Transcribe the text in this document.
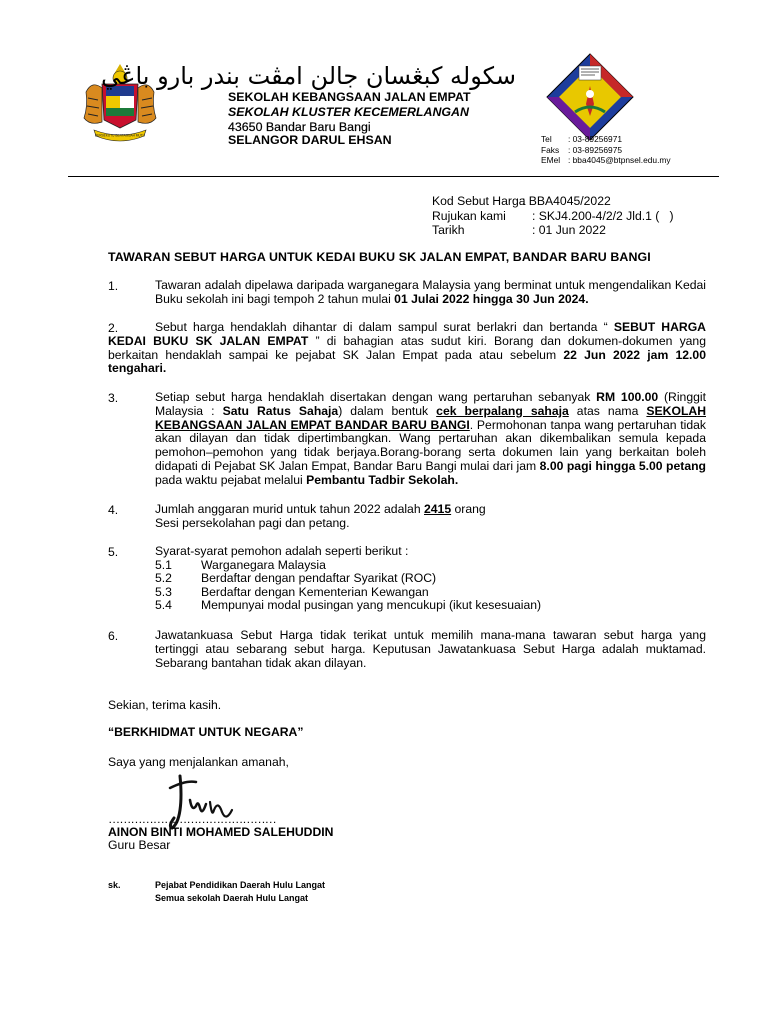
BERSEKUTU BERTAMBAH MUTU
سكوله كبڠسان جالن امڤت بندر بارو باڠي
SEKOLAH KEBANGSAAN JALAN EMPAT
SEKOLAH KLUSTER KECEMERLANGAN
43650 Bandar Baru Bangi
SELANGOR DARUL EHSAN	Tel : 03-89256971
Faks : 03-89256975
EMel : bba4045@btpnsel.edu.my
Kod Sebut Harga: BBA4045/2022
Rujukan kami : SKJ4.200-4/2/2 Jld.1 (   )
Tarikh	: 01 Jun 2022
TAWARAN SEBUT HARGA UNTUK KEDAI BUKU SK JALAN EMPAT, BANDAR BARU BANGI
1.	Tawaran adalah dipelawa daripada warganegara Malaysia yang berminat untuk mengendalikan Kedai Buku sekolah ini bagi tempoh 2 tahun mulai 01 Julai 2022 hingga 30 Jun 2024.
2.	Sebut harga hendaklah dihantar di dalam sampul surat berlakri dan bertanda “ SEBUT HARGA KEDAI BUKU SK JALAN EMPAT ” di bahagian atas sudut kiri. Borang dan dokumen-dokumen yang berkaitan hendaklah sampai ke pejabat SK Jalan Empat pada atau sebelum 22 Jun 2022 jam 12.00 tengahari.
3.	Setiap sebut harga hendaklah disertakan dengan wang pertaruhan sebanyak RM 100.00 (Ringgit Malaysia : Satu Ratus Sahaja) dalam bentuk cek berpalang sahaja atas nama SEKOLAH KEBANGSAAN JALAN EMPAT BANDAR BARU BANGI. Permohonan tanpa wang pertaruhan tidak akan dilayan dan tidak dipertimbangkan. Wang pertaruhan akan dikembalikan semula kepada pemohon–pemohon yang tidak berjaya.Borang-borang serta dokumen lain yang berkaitan boleh didapati di Pejabat SK Jalan Empat, Bandar Baru Bangi mulai dari jam 8.00 pagi hingga 5.00 petang pada waktu pejabat melalui Pembantu Tadbir Sekolah.
4.	Jumlah anggaran murid untuk tahun 2022 adalah 2415 orang
Sesi persekolahan pagi dan petang.
5.	Syarat-syarat pemohon adalah seperti berikut :
5.1 Warganegara Malaysia
5.2 Berdaftar dengan pendaftar Syarikat (ROC)
5.3 Berdaftar dengan Kementerian Kewangan
5.4 Mempunyai modal pusingan yang mencukupi (ikut kesesuaian)
6.	Jawatankuasa Sebut Harga tidak terikat untuk memilih mana-mana tawaran sebut harga yang tertinggi atau sebarang sebut harga. Keputusan Jawatankuasa Sebut Harga adalah muktamad. Sebarang bantahan tidak akan dilayan.
Sekian, terima kasih.
“BERKHIDMAT UNTUK NEGARA”
Saya yang menjalankan amanah,
………………………………………
AINON BINTI MOHAMED SALEHUDDIN
Guru Besar
sk.	Pejabat Pendidikan Daerah Hulu Langat
Semua sekolah Daerah Hulu Langat
